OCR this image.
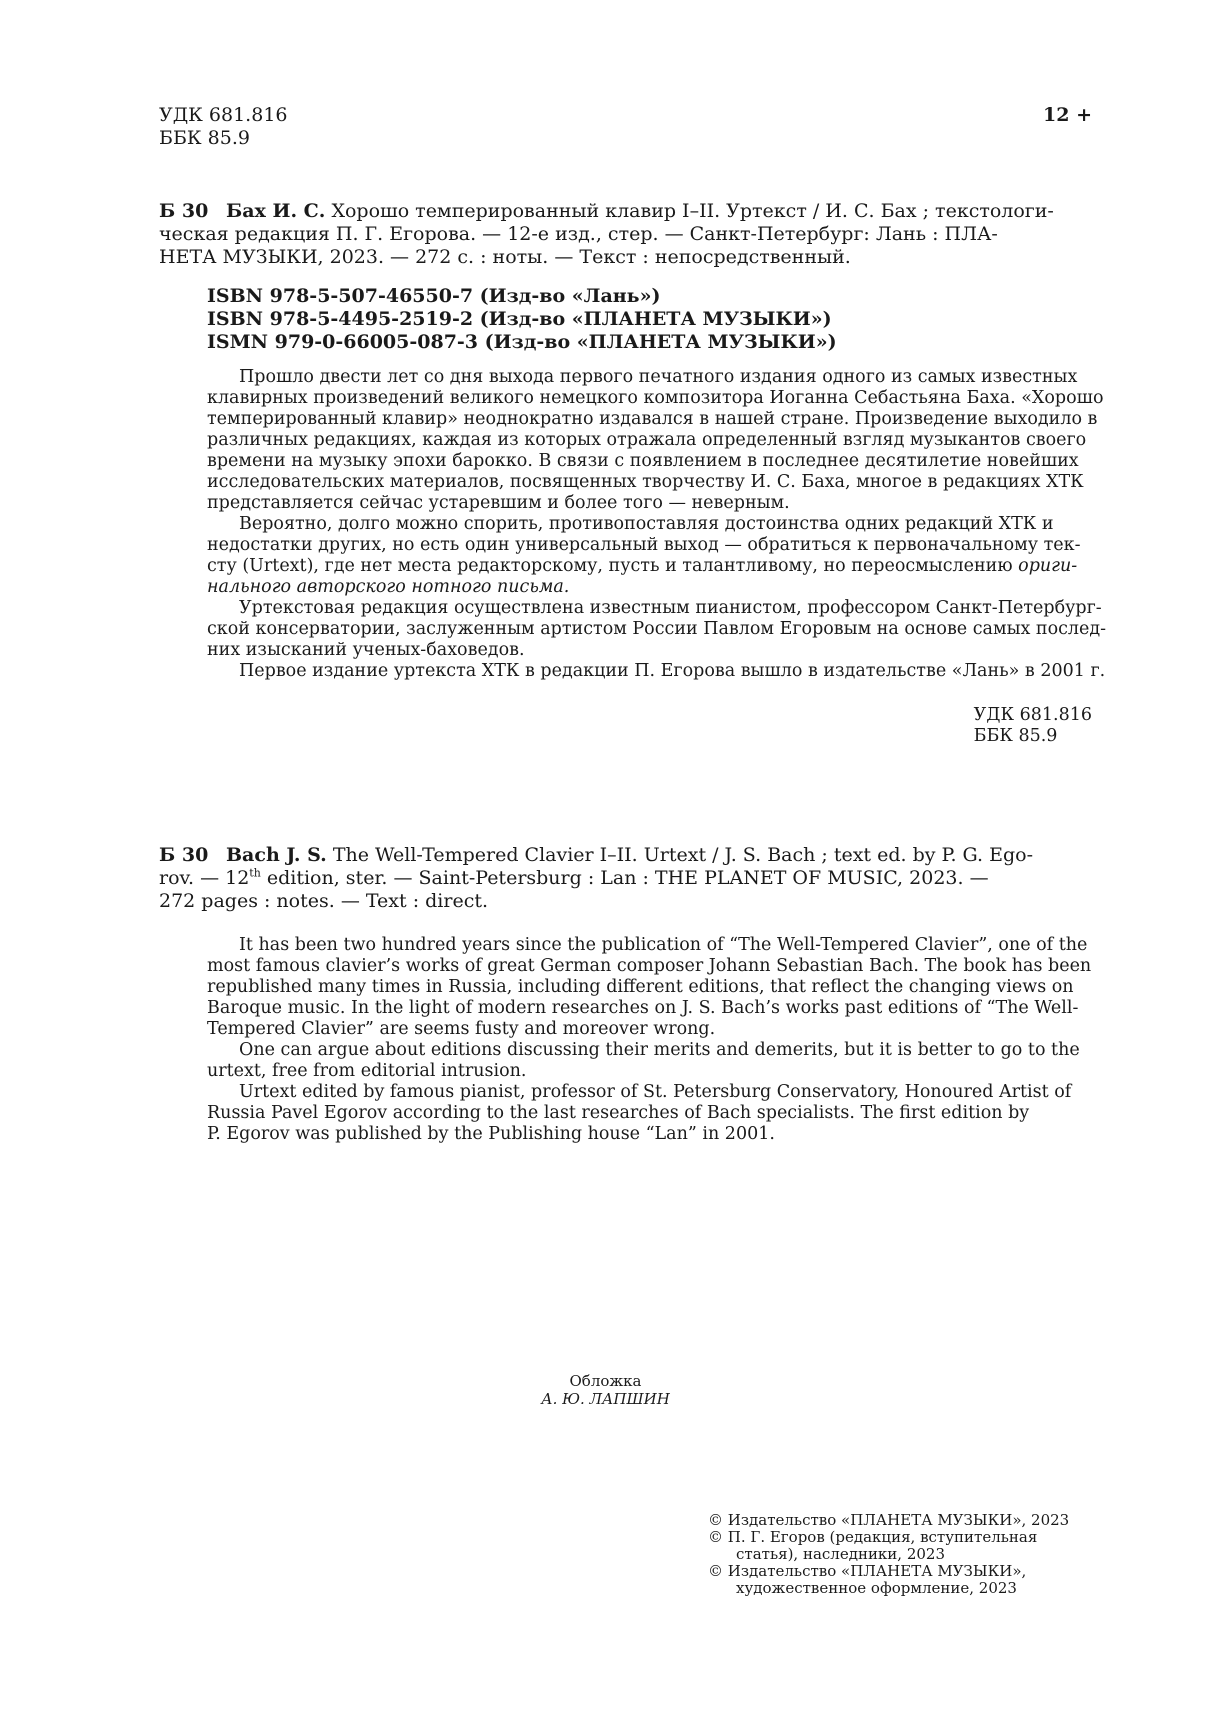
УДК 681.816
ББК 85.9
12 +
Б 30 Бах И. С. Хорошо темперированный клавир I–II. Уртекст / И. С. Бах ; текстологи-
ческая редакция П. Г. Егорова. — 12-е изд., стер. — Санкт-Петербург: Лань : ПЛА-
НЕТА МУЗЫКИ, 2023. — 272 с. : ноты. — Текст : непосредственный.
ISBN 978-5-507-46550-7 (Изд-во «Лань»)
ISBN 978-5-4495-2519-2 (Изд-во «ПЛАНЕТА МУЗЫКИ»)
ISMN 979-0-66005-087-3 (Изд-во «ПЛАНЕТА МУЗЫКИ»)
Прошло двести лет со дня выхода первого печатного издания одного из самых известных
клавирных произведений великого немецкого композитора Иоганна Себастьяна Баха. «Хорошо
темперированный клавир» неоднократно издавался в нашей стране. Произведение выходило в
различных редакциях, каждая из которых отражала определенный взгляд музыкантов своего
времени на музыку эпохи барокко. В связи с появлением в последнее десятилетие новейших
исследовательских материалов, посвященных творчеству И. С. Баха, многое в редакциях ХТК
представляется сейчас устаревшим и более того — неверным.
Вероятно, долго можно спорить, противопоставляя достоинства одних редакций ХТК и
недостатки других, но есть один универсальный выход — обратиться к первоначальному тек-
сту (Urtext), где нет места редакторскому, пусть и талантливому, но переосмыслению ориги-
нального авторского нотного письма.
Уртекстовая редакция осуществлена известным пианистом, профессором Санкт-Петербург-
ской консерватории, заслуженным артистом России Павлом Егоровым на основе самых послед-
них изысканий ученых-баховедов.
Первое издание уртекста ХТК в редакции П. Егорова вышло в издательстве «Лань» в 2001 г.
УДК 681.816
ББК 85.9
Б 30 Bach J. S. The Well-Tempered Clavier I–II. Urtext / J. S. Bach ; text ed. by P. G. Ego-
rov. — 12th edition, ster. — Saint-Petersburg : Lan : THE PLANET OF MUSIC, 2023. —
272 pages : notes. — Text : direct.
It has been two hundred years since the publication of “The Well-Tempered Clavier”, one of the
most famous clavier’s works of great German composer Johann Sebastian Bach. The book has been
republished many times in Russia, including different editions, that reflect the changing views on
Baroque music. In the light of modern researches on J. S. Bach’s works past editions of “The Well-
Tempered Clavier” are seems fusty and moreover wrong.
One can argue about editions discussing their merits and demerits, but it is better to go to the
urtext, free from editorial intrusion.
Urtext edited by famous pianist, professor of St. Petersburg Conservatory, Honoured Artist of
Russia Pavel Egorov according to the last researches of Bach specialists. The first edition by
P. Egorov was published by the Publishing house “Lan” in 2001.
Обложка
А. Ю. ЛАПШИН
© Издательство «ПЛАНЕТА МУЗЫКИ», 2023
© П. Г. Егоров (редакция, вступительная
статья), наследники, 2023
© Издательство «ПЛАНЕТА МУЗЫКИ»,
художественное оформление, 2023
